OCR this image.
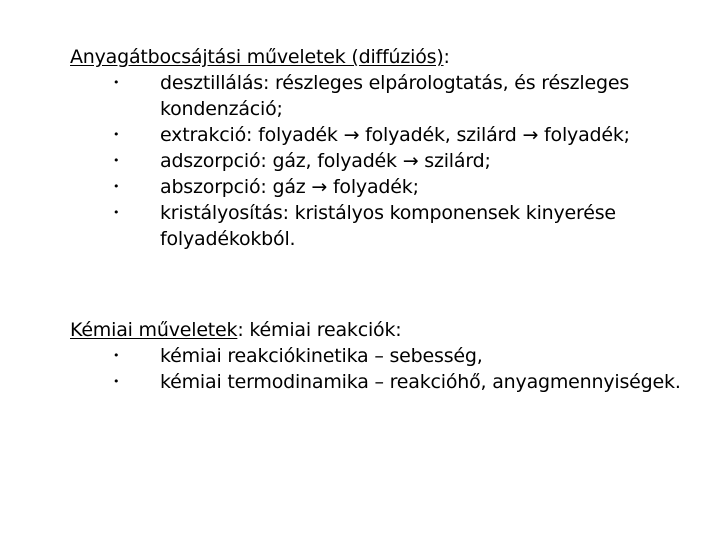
Anyagátbocsájtási műveletek (diffúziós):
• desztillálás: részleges elpárologtatás, és részleges kondenzáció;
• extrakció: folyadék → folyadék, szilárd → folyadék;
• adszorpció: gáz, folyadék → szilárd;
• abszorpció: gáz → folyadék;
• kristályosítás: kristályos komponensek kinyerése folyadékokból.
Kémiai műveletek: kémiai reakciók:
• kémiai reakciókinetika – sebesség,
• kémiai termodinamika – reakcióhő, anyagmennyiségek.
